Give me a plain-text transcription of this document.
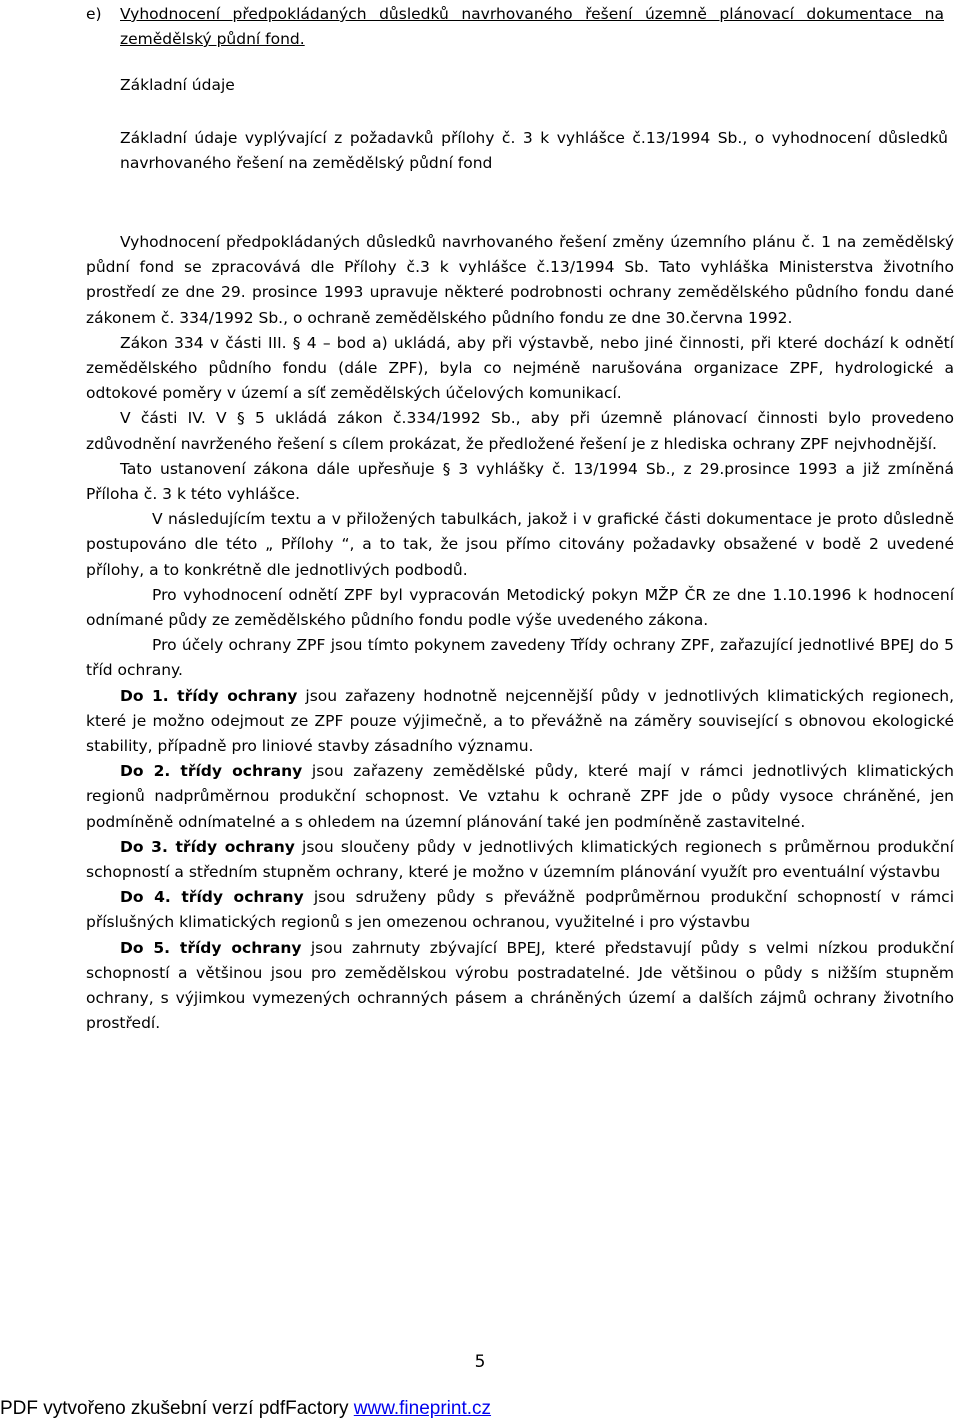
e) Vyhodnocení předpokládaných důsledků navrhovaného řešení územně plánovací dokumentace na zemědělský půdní fond.
Základní údaje
Základní údaje vyplývající z požadavků přílohy č. 3 k vyhlášce č.13/1994 Sb., o vyhodnocení důsledků navrhovaného řešení na zemědělský půdní fond

Vyhodnocení předpokládaných důsledků navrhovaného řešení změny územního plánu č. 1 na zemědělský půdní fond se zpracovává dle Přílohy č.3 k vyhlášce č.13/1994 Sb. Tato vyhláška Ministerstva životního prostředí ze dne 29. prosince 1993 upravuje některé podrobnosti ochrany zemědělského půdního fondu dané zákonem č. 334/1992 Sb., o ochraně zemědělského půdního fondu ze dne 30.června 1992.

Zákon 334 v části III. § 4 – bod a) ukládá, aby při výstavbě, nebo jiné činnosti, při které dochází k odnětí zemědělského půdního fondu (dále ZPF), byla co nejméně narušována organizace ZPF, hydrologické a odtokové poměry v území a síť zemědělských účelových komunikací.

V části IV. V § 5 ukládá zákon č.334/1992 Sb., aby při územně plánovací činnosti bylo provedeno zdůvodnění navrženého řešení s cílem prokázat, že předložené řešení je z hlediska ochrany ZPF nejvhodnější.

Tato ustanovení zákona dále upřesňuje § 3 vyhlášky č. 13/1994 Sb., z 29.prosince 1993 a již zmíněná Příloha č. 3 k této vyhlášce.

V následujícím textu a v přiložených tabulkách, jakož i v grafické části dokumentace je proto důsledně postupováno dle této „ Přílohy “, a to tak, že jsou přímo citovány požadavky obsažené v bodě 2 uvedené přílohy, a to konkrétně dle jednotlivých podbodů.

Pro vyhodnocení odnětí ZPF byl vypracován Metodický pokyn MŽP ČR ze dne 1.10.1996 k hodnocení odnímané půdy ze zemědělského půdního fondu podle výše uvedeného zákona.

Pro účely ochrany ZPF jsou tímto pokynem zavedeny Třídy ochrany ZPF, zařazující jednotlivé BPEJ do 5 tříd ochrany.

Do 1. třídy ochrany jsou zařazeny hodnotně nejcennější půdy v jednotlivých klimatických regionech, které je možno odejmout ze ZPF pouze výjimečně, a to převážně na záměry související s obnovou ekologické stability, případně pro liniové stavby zásadního významu.

Do 2. třídy ochrany jsou zařazeny zemědělské půdy, které mají v rámci jednotlivých klimatických regionů nadprůměrnou produkční schopnost. Ve vztahu k ochraně ZPF jde o půdy vysoce chráněné, jen podmíněně odnímatelné a s ohledem na územní plánování také jen podmíněně zastavitelné.

Do 3. třídy ochrany jsou sloučeny půdy v jednotlivých klimatických regionech s průměrnou produkční schopností a středním stupněm ochrany, které je možno v územním plánování využít pro eventuální výstavbu

Do 4. třídy ochrany jsou sdruženy půdy s převážně podprůměrnou produkční schopností v rámci příslušných klimatických regionů s jen omezenou ochranou, využitelné i pro výstavbu

Do 5. třídy ochrany jsou zahrnuty zbývající BPEJ, které představují půdy s velmi nízkou produkční schopností a většinou jsou pro zemědělskou výrobu postradatelné. Jde většinou o půdy s nižším stupněm ochrany, s výjimkou vymezených ochranných pásem a chráněných území a dalších zájmů ochrany životního prostředí.

5
PDF vytvořeno zkušební verzí pdfFactory www.fineprint.cz
